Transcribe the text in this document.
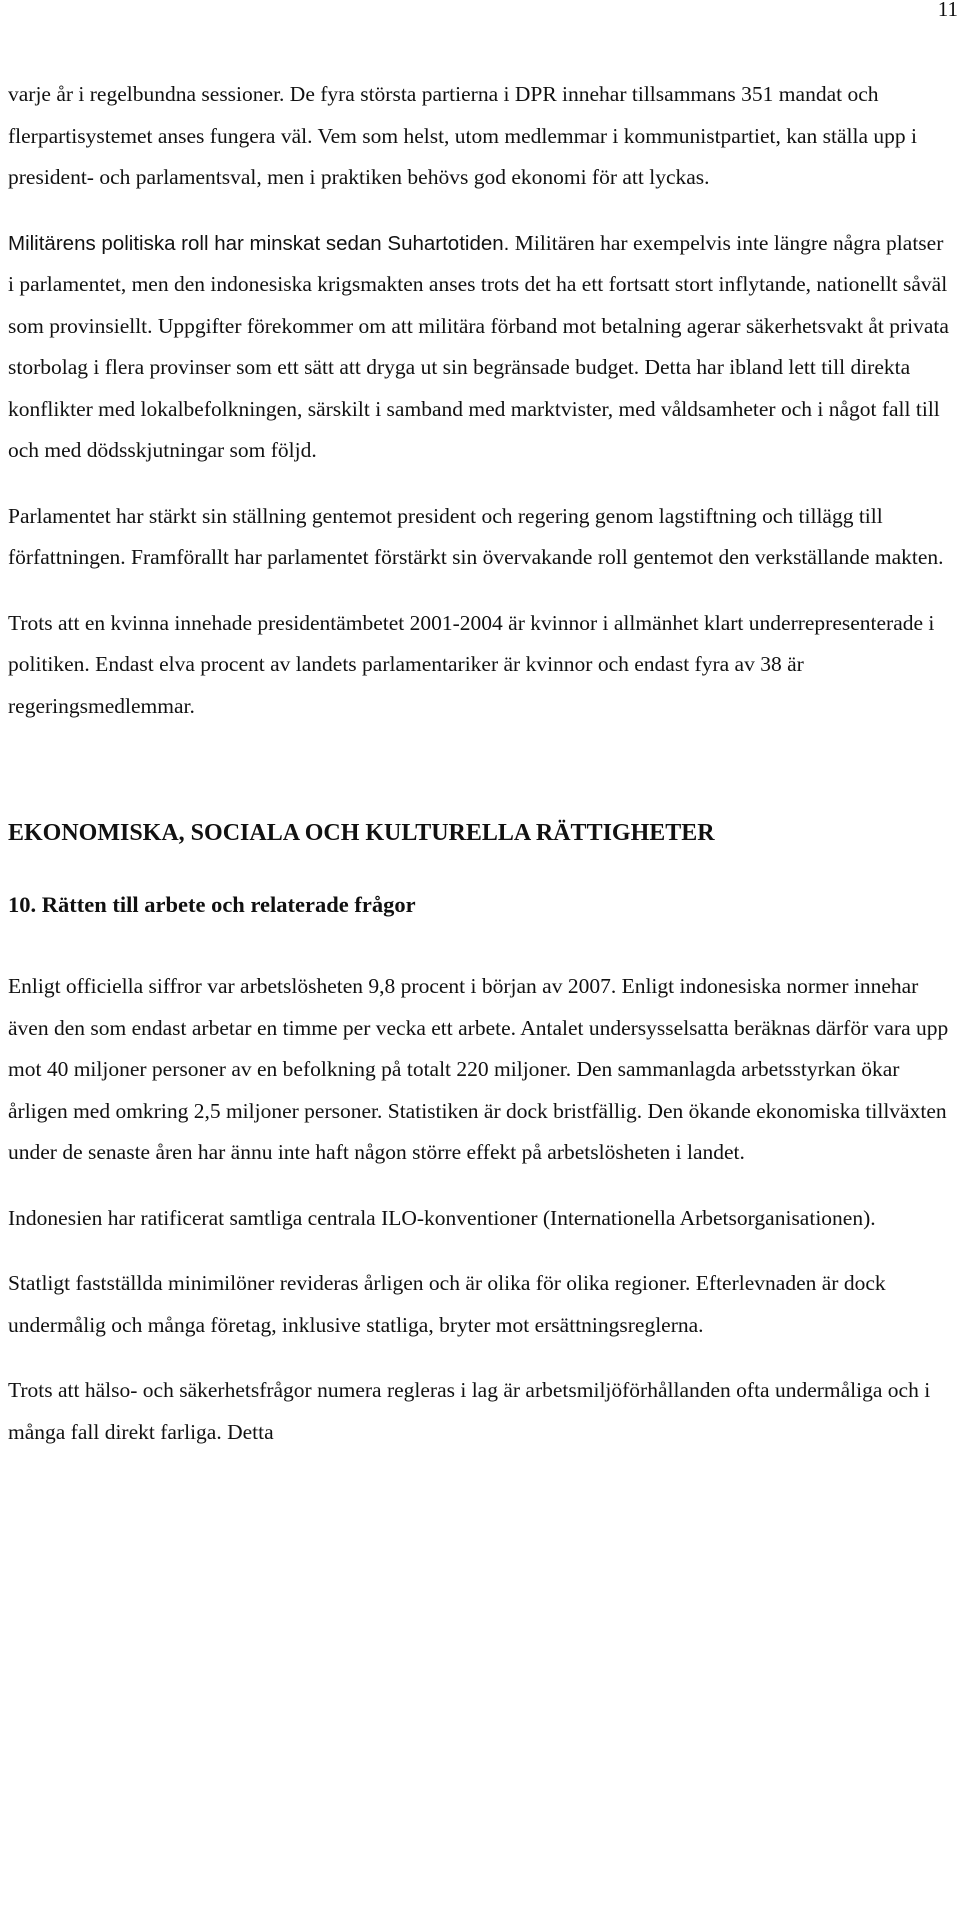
11

varje år i regelbundna sessioner. De fyra största partierna i DPR innehar tillsammans 351 mandat och flerpartisystemet anses fungera väl. Vem som helst, utom medlemmar i kommunistpartiet, kan ställa upp i president- och parlamentsval, men i praktiken behövs god ekonomi för att lyckas.

Militärens politiska roll har minskat sedan Suhartotiden. Militären har exempelvis inte längre några platser i parlamentet, men den indonesiska krigsmakten anses trots det ha ett fortsatt stort inflytande, nationellt såväl som provinsiellt. Uppgifter förekommer om att militära förband mot betalning agerar säkerhetsvakt åt privata storbolag i flera provinser som ett sätt att dryga ut sin begränsade budget. Detta har ibland lett till direkta konflikter med lokalbefolkningen, särskilt i samband med marktvister, med våldsamheter och i något fall till och med dödsskjutningar som följd.

Parlamentet har stärkt sin ställning gentemot president och regering genom lagstiftning och tillägg till författningen. Framförallt har parlamentet förstärkt sin övervakande roll gentemot den verkställande makten.

Trots att en kvinna innehade presidentämbetet 2001-2004 är kvinnor i allmänhet klart underrepresenterade i politiken. Endast elva procent av landets parlamentariker är kvinnor och endast fyra av 38 är regeringsmedlemmar.

EKONOMISKA, SOCIALA OCH KULTURELLA RÄTTIGHETER
10. Rätten till arbete och relaterade frågor

Enligt officiella siffror var arbetslösheten 9,8 procent i början av 2007. Enligt indonesiska normer innehar även den som endast arbetar en timme per vecka ett arbete. Antalet undersysselsatta beräknas därför vara upp mot 40 miljoner personer av en befolkning på totalt 220 miljoner. Den sammanlagda arbetsstyrkan ökar årligen med omkring 2,5 miljoner personer. Statistiken är dock bristfällig. Den ökande ekonomiska tillväxten under de senaste åren har ännu inte haft någon större effekt på arbetslösheten i landet.

Indonesien har ratificerat samtliga centrala ILO-konventioner (Internationella Arbetsorganisationen).

Statligt fastställda minimilöner revideras årligen och är olika för olika regioner. Efterlevnaden är dock undermålig och många företag, inklusive statliga, bryter mot ersättningsreglerna.

Trots att hälso- och säkerhetsfrågor numera regleras i lag är arbetsmiljöförhållanden ofta undermåliga och i många fall direkt farliga. Detta
